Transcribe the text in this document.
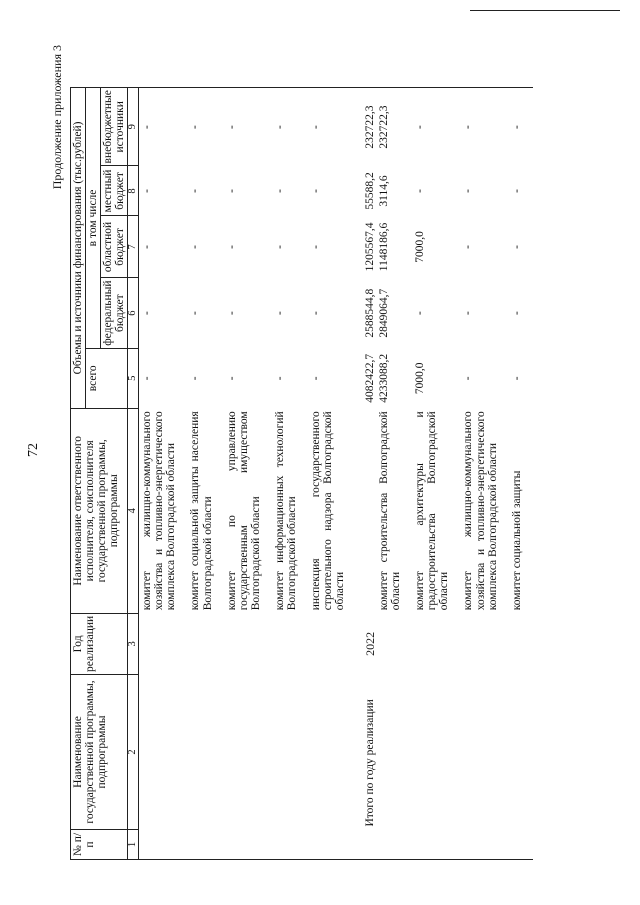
72
Продолжение приложения 3
№ п/п	Наименование государственной программы, подпрограммы	Год реализации	Наименование ответственного исполнителя, соисполнителя государственной программы, подпрограммы	Объемы и источники финансирования (тыс.рублей)				
				всего	в том числе			
					федеральный бюджет	областной бюджет	местный бюджет	внебюджетные источники
1	2	3	4	5	6	7	8	9
			комитет жилищно-коммунального хозяйства и топливно-энергетического комплекса Волгоградской области	-	-	-	-	-
			комитет социальной защиты населения Волгоградской области	-	-	-	-	-
			комитет по управлению государственным имуществом Волгоградской области	-	-	-	-	-
			комитет информационных технологий Волгоградской области	-	-	-	-	-
			инспекция государственного строительного надзора Волгоградской области	-	-	-	-	-
	Итого по году реализации	2022		4082422,7	2588544,8	1205567,4	55588,2	232722,3
			комитет строительства Волгоградской области	4233088,2	2849064,7	1148186,6	3114,6	232722,3
			комитет архитектуры и градостроительства Волгоградской области	7000,0	-	7000,0	-	-
			комитет жилищно-коммунального хозяйства и топливно-энергетического комплекса Волгоградской области	-	-	-	-	-
			комитет социальной защиты	-	-	-	-	-
